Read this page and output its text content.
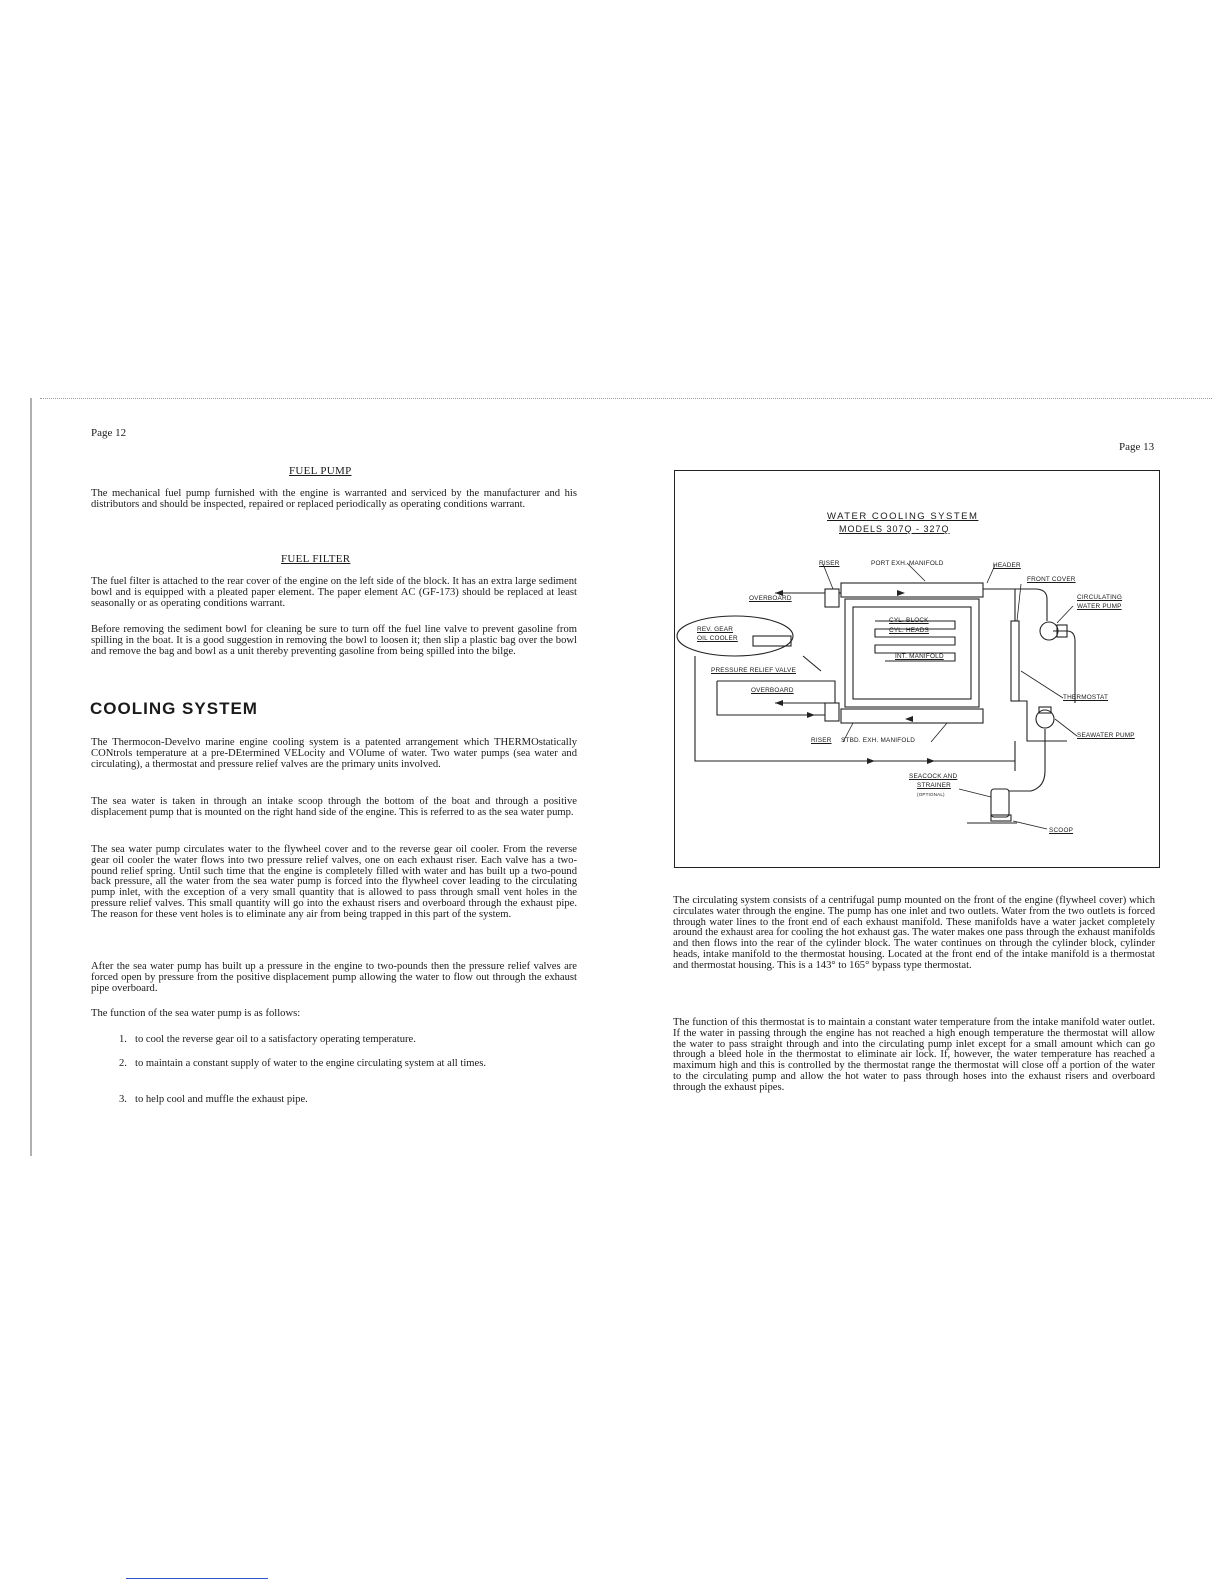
Page 12
FUEL PUMP

The mechanical fuel pump furnished with the engine is warranted and serviced by the manufacturer and his distributors and should be inspected, repaired or replaced periodically as operating conditions warrant.

FUEL FILTER

The fuel filter is attached to the rear cover of the engine on the left side of the block. It has an extra large sediment bowl and is equipped with a pleated paper element. The paper element AC (GF-173) should be replaced at least seasonally or as operating conditions warrant.

Before removing the sediment bowl for cleaning be sure to turn off the fuel line valve to prevent gasoline from spilling in the boat. It is a good suggestion in removing the bowl to loosen it; then slip a plastic bag over the bowl and remove the bag and bowl as a unit thereby preventing gasoline from being spilled into the bilge.

COOLING SYSTEM

The Thermocon-Develvo marine engine cooling system is a patented arrangement which THERMOstatically CONtrols temperature at a pre-DEtermined VELocity and VOlume of water. Two water pumps (sea water and circulating), a thermostat and pressure relief valves are the primary units involved.

The sea water is taken in through an intake scoop through the bottom of the boat and through a positive displacement pump that is mounted on the right hand side of the engine. This is referred to as the sea water pump.

The sea water pump circulates water to the flywheel cover and to the reverse gear oil cooler. From the reverse gear oil cooler the water flows into two pressure relief valves, one on each exhaust riser. Each valve has a two-pound relief spring. Until such time that the engine is completely filled with water and has built up a two-pound back pressure, all the water from the sea water pump is forced into the flywheel cover leading to the circulating pump inlet, with the exception of a very small quantity that is allowed to pass through small vent holes in the pressure relief valves. This small quantity will go into the exhaust risers and overboard through the exhaust pipe. The reason for these vent holes is to eliminate any air from being trapped in this part of the system.

After the sea water pump has built up a pressure in the engine to two-pounds then the pressure relief valves are forced open by pressure from the positive displacement pump allowing the water to flow out through the exhaust pipe overboard.

The function of the sea water pump is as follows:

1. to cool the reverse gear oil to a satisfactory operating temperature.
2. to maintain a constant supply of water to the engine circulating system at all times.
3. to help cool and muffle the exhaust pipe.
Page 13
WATER COOLING SYSTEM
MODELS 307Q - 327Q
RISER	PORT EXH. MANIFOLD	HEADER
FRONT COVER
OVERBOARD	CIRCULATING
WATER PUMP
REV. GEAR
OIL COOLER
CYL. BLOCK
CYL. HEADS
INT. MANIFOLD
PRESSURE RELIEF VALVE
OVERBOARD
THERMOSTAT
RISER STBD. EXH. MANIFOLD
SEAWATER PUMP
SEACOCK AND
STRAINER
(OPTIONAL)
SCOOP

The circulating system consists of a centrifugal pump mounted on the front of the engine (flywheel cover) which circulates water through the engine. The pump has one inlet and two outlets. Water from the two outlets is forced through water lines to the front end of each exhaust manifold. These manifolds have a water jacket completely around the exhaust area for cooling the hot exhaust gas. The water makes one pass through the exhaust manifolds and then flows into the rear of the cylinder block. The water continues on through the cylinder block, cylinder heads, intake manifold to the thermostat housing. Located at the front end of the intake manifold is a thermostat and thermostat housing. This is a 143° to 165° bypass type thermostat.

The function of this thermostat is to maintain a constant water temperature from the intake manifold water outlet. If the water in passing through the engine has not reached a high enough temperature the thermostat will allow the water to pass straight through and into the circulating pump inlet except for a small amount which can go through a bleed hole in the thermostat to eliminate air lock. If, however, the water temperature has reached a maximum high and this is controlled by the thermostat range the thermostat will close off a portion of the water to the circulating pump and allow the hot water to pass through hoses into the exhaust risers and overboard through the exhaust pipes.
